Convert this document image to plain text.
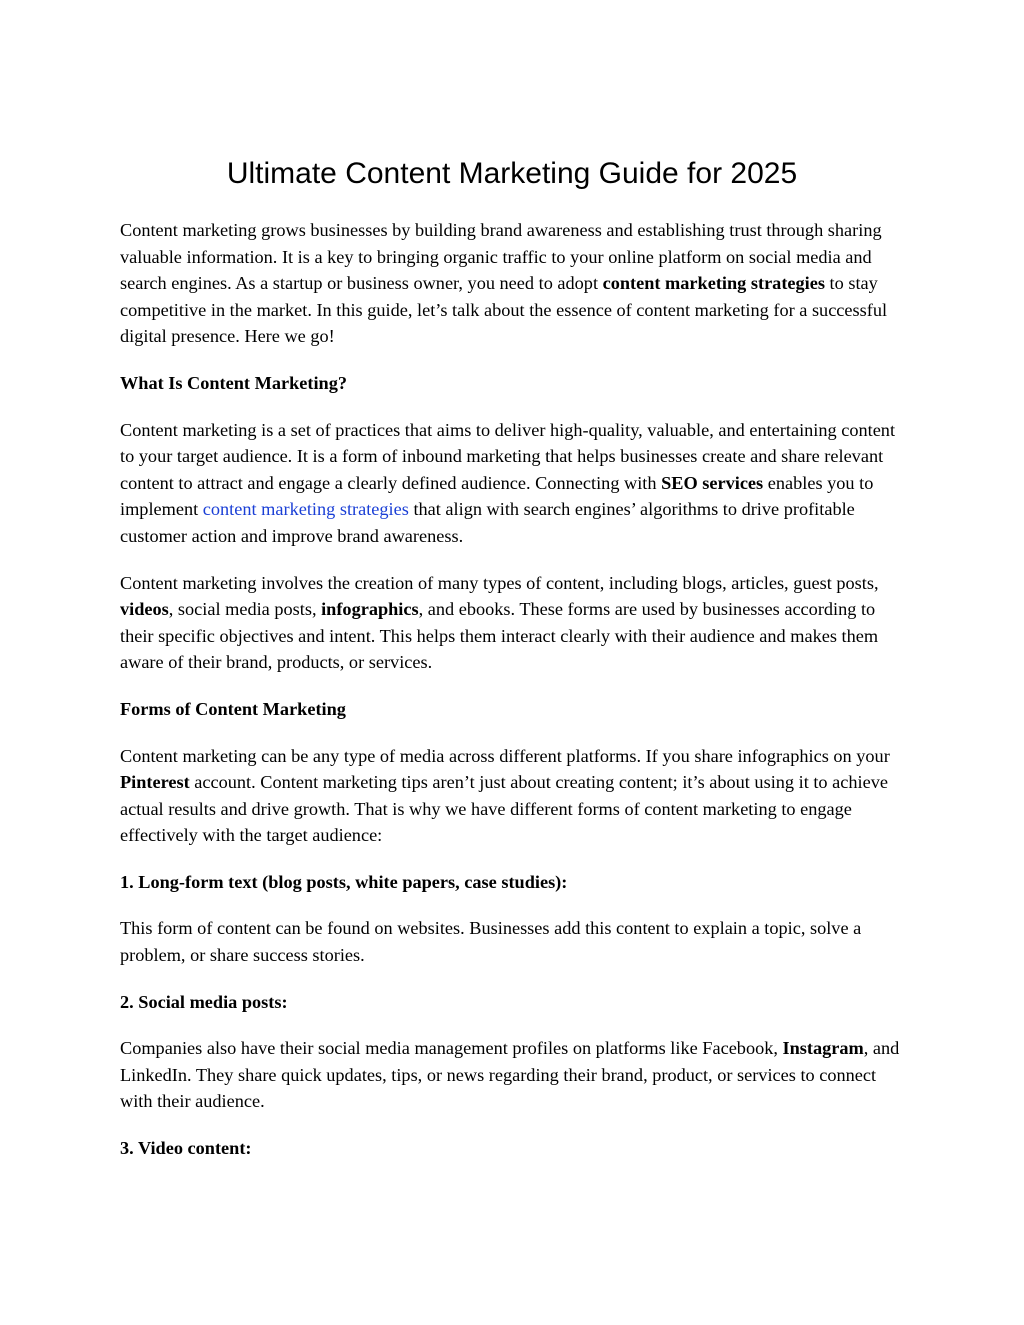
Ultimate Content Marketing Guide for 2025

Content marketing grows businesses by building brand awareness and establishing trust through sharing valuable information. It is a key to bringing organic traffic to your online platform on social media and search engines. As a startup or business owner, you need to adopt content marketing strategies to stay competitive in the market. In this guide, let’s talk about the essence of content marketing for a successful digital presence. Here we go!

What Is Content Marketing?

Content marketing is a set of practices that aims to deliver high-quality, valuable, and entertaining content to your target audience. It is a form of inbound marketing that helps businesses create and share relevant content to attract and engage a clearly defined audience. Connecting with SEO services enables you to implement content marketing strategies that align with search engines’ algorithms to drive profitable customer action and improve brand awareness.

Content marketing involves the creation of many types of content, including blogs, articles, guest posts, videos, social media posts, infographics, and ebooks. These forms are used by businesses according to their specific objectives and intent. This helps them interact clearly with their audience and makes them aware of their brand, products, or services.

Forms of Content Marketing

Content marketing can be any type of media across different platforms. If you share infographics on your Pinterest account. Content marketing tips aren’t just about creating content; it’s about using it to achieve actual results and drive growth. That is why we have different forms of content marketing to engage effectively with the target audience:

1. Long-form text (blog posts, white papers, case studies):

This form of content can be found on websites. Businesses add this content to explain a topic, solve a problem, or share success stories.

2. Social media posts:

Companies also have their social media management profiles on platforms like Facebook, Instagram, and LinkedIn. They share quick updates, tips, or news regarding their brand, product, or services to connect with their audience.

3. Video content:
